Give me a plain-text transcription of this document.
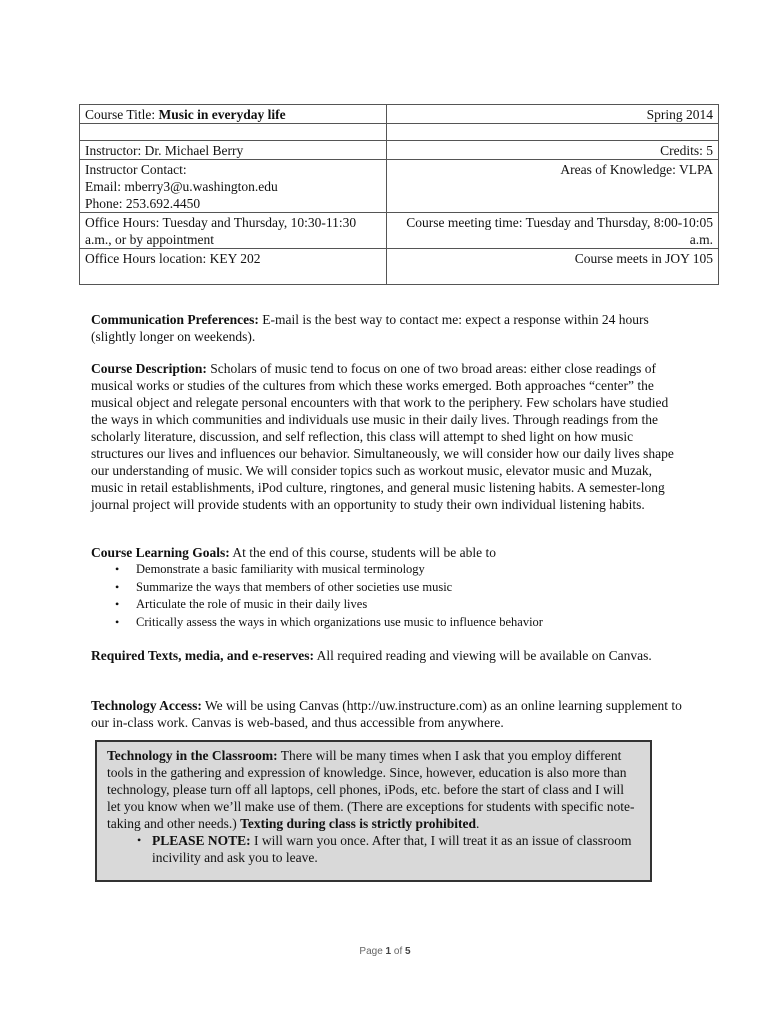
Course Title: Music in everyday life	Spring 2014

Instructor: Dr. Michael Berry	Credits: 5

Instructor Contact:
Email: mberry3@u.washington.edu
Phone: 253.692.4450	Areas of Knowledge: VLPA
Office Hours: Tuesday and Thursday, 10:30-11:30 a.m., or by appointment	Course meeting time: Tuesday and Thursday, 8:00-10:05 a.m.
Office Hours location: KEY 202	Course meets in JOY 105

Communication Preferences: E-mail is the best way to contact me: expect a response within 24 hours (slightly longer on weekends).

Course Description: Scholars of music tend to focus on one of two broad areas: either close readings of musical works or studies of the cultures from which these works emerged. Both approaches “center” the musical object and relegate personal encounters with that work to the periphery. Few scholars have studied the ways in which communities and individuals use music in their daily lives. Through readings from the scholarly literature, discussion, and self reflection, this class will attempt to shed light on how music structures our lives and influences our behavior. Simultaneously, we will consider how our daily lives shape our understanding of music. We will consider topics such as workout music, elevator music and Muzak, music in retail establishments, iPod culture, ringtones, and general music listening habits. A semester-long journal project will provide students with an opportunity to study their own individual listening habits.

Course Learning Goals: At the end of this course, students will be able to
• Demonstrate a basic familiarity with musical terminology
• Summarize the ways that members of other societies use music
• Articulate the role of music in their daily lives
• Critically assess the ways in which organizations use music to influence behavior

Required Texts, media, and e-reserves: All required reading and viewing will be available on Canvas.

Technology Access: We will be using Canvas (http://uw.instructure.com) as an online learning supplement to our in-class work. Canvas is web-based, and thus accessible from anywhere.

Technology in the Classroom: There will be many times when I ask that you employ different tools in the gathering and expression of knowledge. Since, however, education is also more than technology, please turn off all laptops, cell phones, iPods, etc. before the start of class and I will let you know when we’ll make use of them. (There are exceptions for students with specific note-taking and other needs.) Texting during class is strictly prohibited.
• PLEASE NOTE: I will warn you once. After that, I will treat it as an issue of classroom incivility and ask you to leave.
Page 1 of 5
